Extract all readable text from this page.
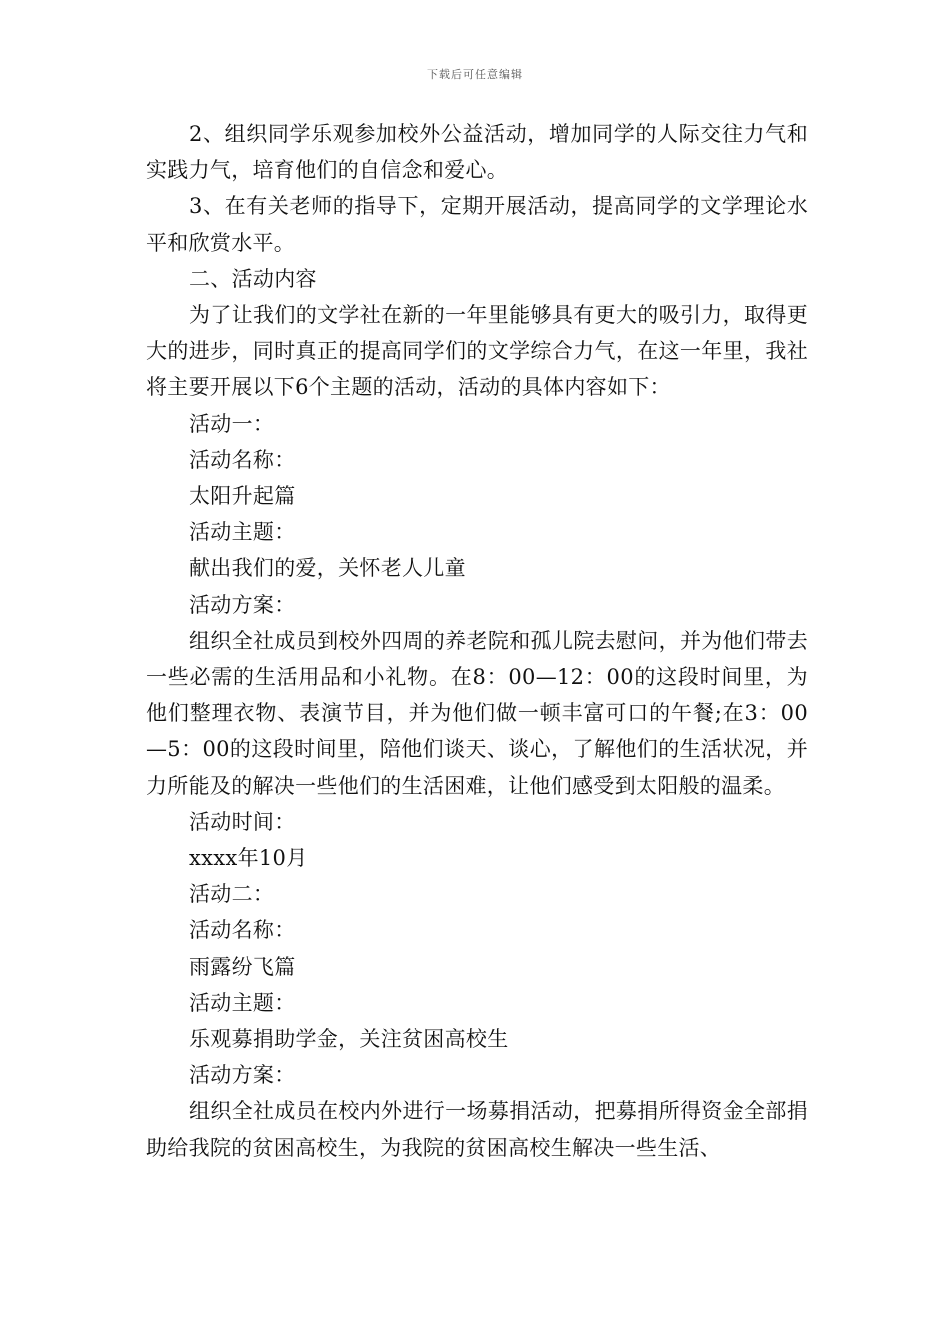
下载后可任意编辑

2、组织同学乐观参加校外公益活动，增加同学的人际交往力气和实践力气，培育他们的自信念和爱心。

3、在有关老师的指导下，定期开展活动，提高同学的文学理论水平和欣赏水平。

二、活动内容

为了让我们的文学社在新的一年里能够具有更大的吸引力，取得更大的进步，同时真正的提高同学们的文学综合力气，在这一年里，我社将主要开展以下6个主题的活动，活动的具体内容如下：

活动一：

活动名称：

太阳升起篇

活动主题：

献出我们的爱，关怀老人儿童

活动方案：

组织全社成员到校外四周的养老院和孤儿院去慰问，并为他们带去一些必需的生活用品和小礼物。在8：00—12：00的这段时间里，为他们整理衣物、表演节目，并为他们做一顿丰富可口的午餐;在3：00—5：00的这段时间里，陪他们谈天、谈心，了解他们的生活状况，并力所能及的解决一些他们的生活困难，让他们感受到太阳般的温柔。

活动时间：

xxxx年10月

活动二：

活动名称：

雨露纷飞篇

活动主题：

乐观募捐助学金，关注贫困高校生

活动方案：

组织全社成员在校内外进行一场募捐活动，把募捐所得资金全部捐助给我院的贫困高校生，为我院的贫困高校生解决一些生活、
